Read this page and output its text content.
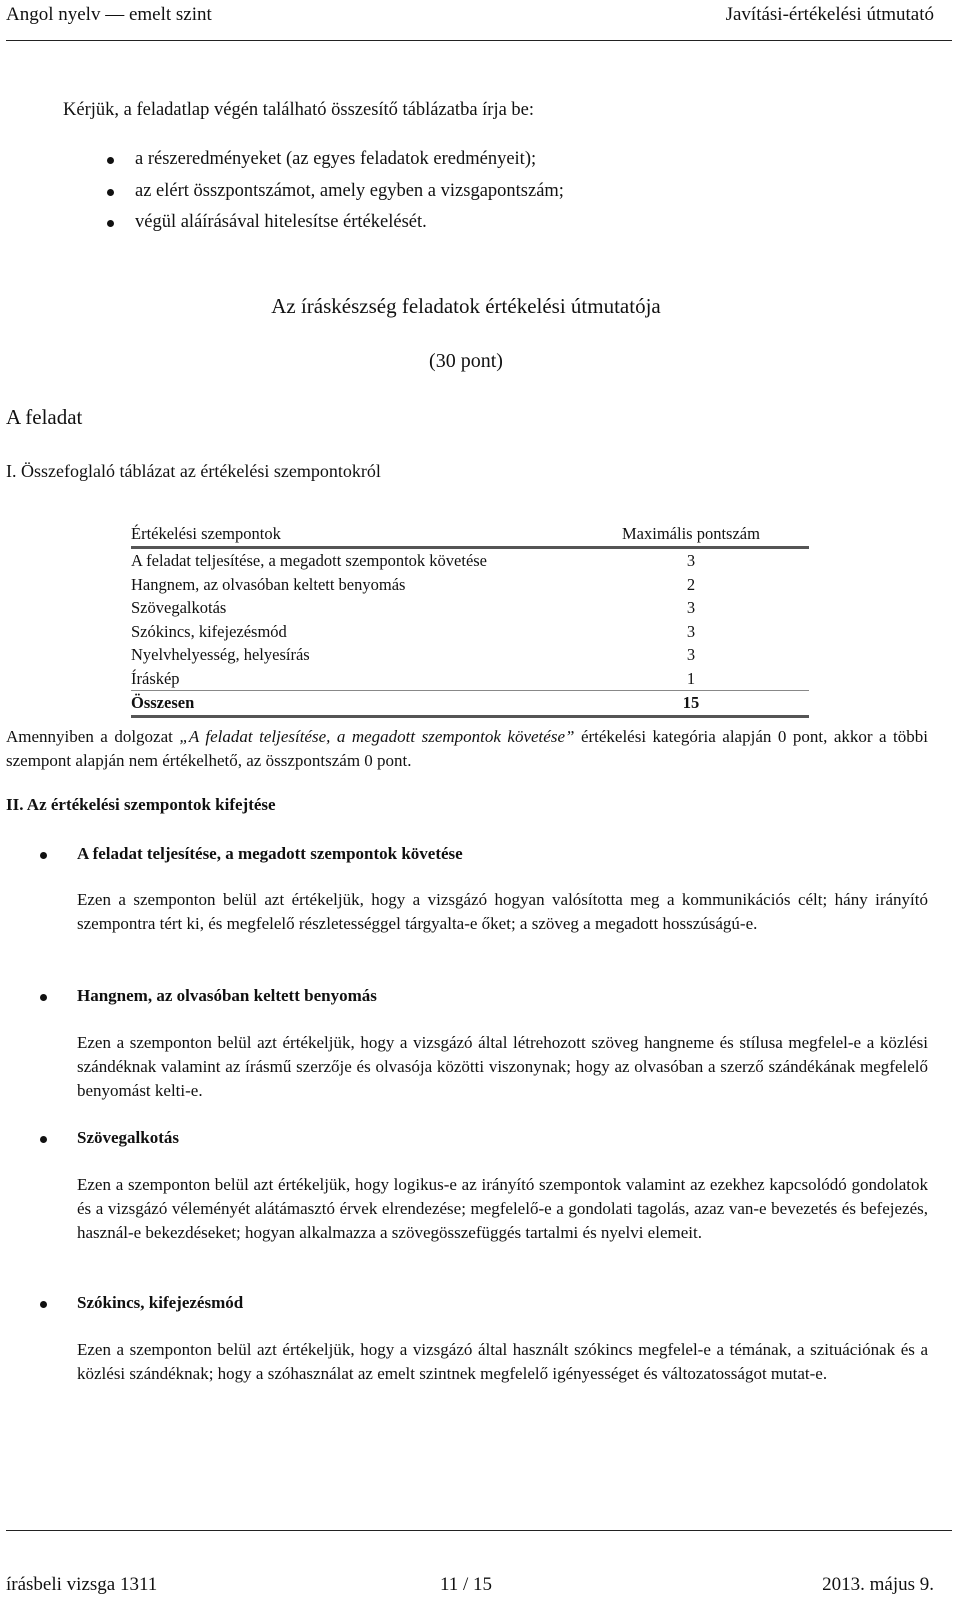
Angol nyelv — emelt szint	Javítási-értékelési útmutató
Kérjük, a feladatlap végén található összesítő táblázatba írja be:
a részeredményeket (az egyes feladatok eredményeit);
az elért összpontszámot, amely egyben a vizsgapontszám;
végül aláírásával hitelesítse értékelését.
Az íráskészség feladatok értékelési útmutatója
(30 pont)
A feladat
I. Összefoglaló táblázat az értékelési szempontokról
Értékelési szempontok	Maximális pontszám
A feladat teljesítése, a megadott szempontok követése	3
Hangnem, az olvasóban keltett benyomás	2
Szövegalkotás	3
Szókincs, kifejezésmód	3
Nyelvhelyesség, helyesírás	3
Íráskép	1
Összesen	15
Amennyiben a dolgozat „A feladat teljesítése, a megadott szempontok követése” értékelési kategória alapján 0 pont, akkor a többi szempont alapján nem értékelhető, az összpontszám 0 pont.
II. Az értékelési szempontok kifejtése
A feladat teljesítése, a megadott szempontok követése
Ezen a szemponton belül azt értékeljük, hogy a vizsgázó hogyan valósította meg a kommunikációs célt; hány irányító szempontra tért ki, és megfelelő részletességgel tárgyalta-e őket; a szöveg a megadott hosszúságú-e.
Hangnem, az olvasóban keltett benyomás
Ezen a szemponton belül azt értékeljük, hogy a vizsgázó által létrehozott szöveg hangneme és stílusa megfelel-e a közlési szándéknak valamint az írásmű szerzője és olvasója közötti viszonynak; hogy az olvasóban a szerző szándékának megfelelő benyomást kelti-e.
Szövegalkotás
Ezen a szemponton belül azt értékeljük, hogy logikus-e az irányító szempontok valamint az ezekhez kapcsolódó gondolatok és a vizsgázó véleményét alátámasztó érvek elrendezése; megfelelő-e a gondolati tagolás, azaz van-e bevezetés és befejezés, használ-e bekezdéseket; hogyan alkalmazza a szövegösszefüggés tartalmi és nyelvi elemeit.
Szókincs, kifejezésmód
Ezen a szemponton belül azt értékeljük, hogy a vizsgázó által használt szókincs megfelel-e a témának, a szituációnak és a közlési szándéknak; hogy a szóhasználat az emelt szintnek megfelelő igényességet és változatosságot mutat-e.
írásbeli vizsga 1311	11 / 15	2013. május 9.
